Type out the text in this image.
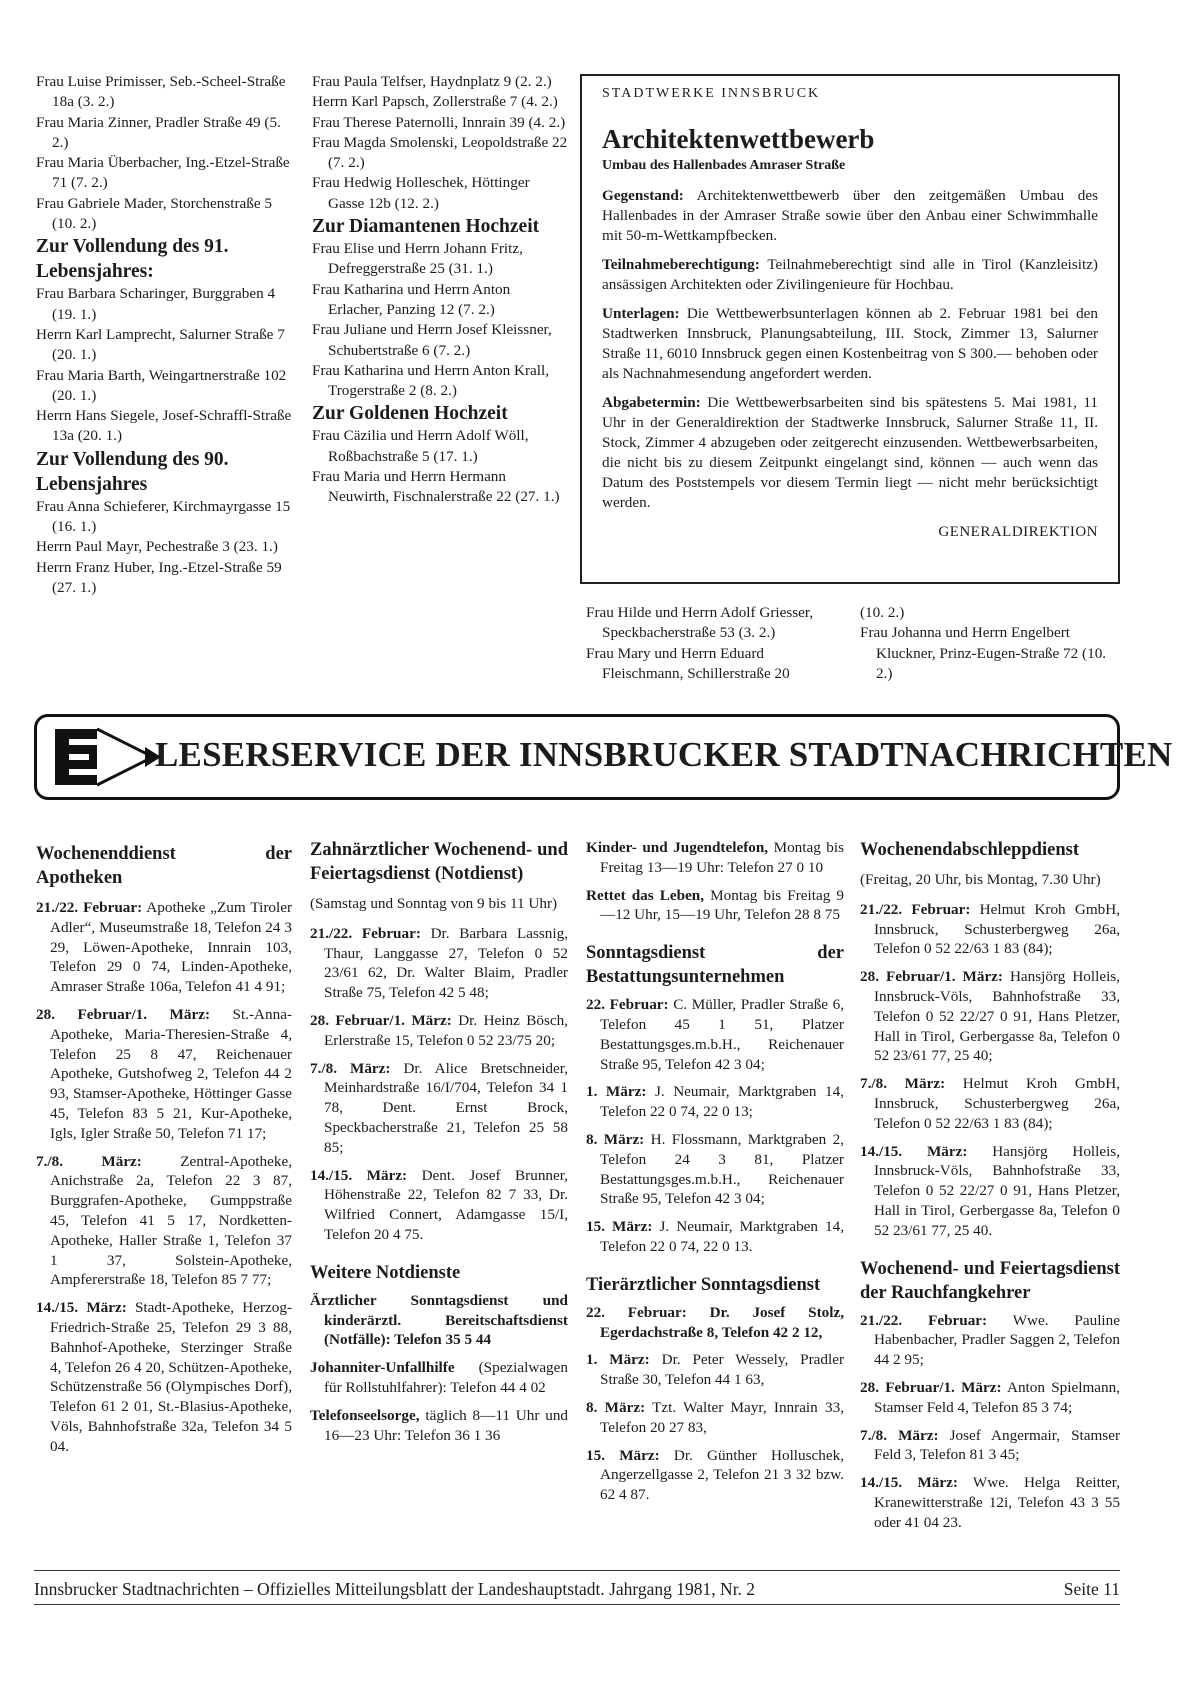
Frau Luise Primisser, Seb.-Scheel-Straße 18a (3. 2.)

Frau Maria Zinner, Pradler Straße 49 (5. 2.)

Frau Maria Überbacher, Ing.-Etzel-Straße 71 (7. 2.)

Frau Gabriele Mader, Storchenstraße 5 (10. 2.)

Zur Vollendung des 91. Lebensjahres:

Frau Barbara Scharinger, Burggraben 4 (19. 1.)

Herrn Karl Lamprecht, Salurner Straße 7 (20. 1.)

Frau Maria Barth, Weingartnerstraße 102 (20. 1.)

Herrn Hans Siegele, Josef-Schraffl-Straße 13a (20. 1.)

Zur Vollendung des 90. Lebensjahres

Frau Anna Schieferer, Kirchmayrgasse 15 (16. 1.)

Herrn Paul Mayr, Pechestraße 3 (23. 1.)

Herrn Franz Huber, Ing.-Etzel-Straße 59 (27. 1.)

Frau Paula Telfser, Haydnplatz 9 (2. 2.)

Herrn Karl Papsch, Zollerstraße 7 (4. 2.)

Frau Therese Paternolli, Innrain 39 (4. 2.)

Frau Magda Smolenski, Leopoldstraße 22 (7. 2.)

Frau Hedwig Holleschek, Höttinger Gasse 12b (12. 2.)

Zur Diamantenen Hochzeit

Frau Elise und Herrn Johann Fritz, Defreggerstraße 25 (31. 1.)

Frau Katharina und Herrn Anton Erlacher, Panzing 12 (7. 2.)

Frau Juliane und Herrn Josef Kleissner, Schubertstraße 6 (7. 2.)

Frau Katharina und Herrn Anton Krall, Trogerstraße 2 (8. 2.)

Zur Goldenen Hochzeit

Frau Cäzilia und Herrn Adolf Wöll, Roßbachstraße 5 (17. 1.)

Frau Maria und Herrn Hermann Neuwirth, Fischnalerstraße 22 (27. 1.)

STADTWERKE INNSBRUCK

Architektenwettbewerb

Umbau des Hallenbades Amraser Straße

Gegenstand: Architektenwettbewerb über den zeitgemäßen Umbau des Hallenbades in der Amraser Straße sowie über den Anbau einer Schwimmhalle mit 50-m-Wettkampfbecken.

Teilnahmeberechtigung: Teilnahmeberechtigt sind alle in Tirol (Kanzleisitz) ansässigen Architekten oder Zivilingenieure für Hochbau.

Unterlagen: Die Wettbewerbsunterlagen können ab 2. Februar 1981 bei den Stadtwerken Innsbruck, Planungsabteilung, III. Stock, Zimmer 13, Salurner Straße 11, 6010 Innsbruck gegen einen Kostenbeitrag von S 300.— behoben oder als Nachnahmesendung angefordert werden.

Abgabetermin: Die Wettbewerbsarbeiten sind bis spätestens 5. Mai 1981, 11 Uhr in der Generaldirektion der Stadtwerke Innsbruck, Salurner Straße 11, II. Stock, Zimmer 4 abzugeben oder zeitgerecht einzusenden. Wettbewerbsarbeiten, die nicht bis zu diesem Zeitpunkt eingelangt sind, können — auch wenn das Datum des Poststempels vor diesem Termin liegt — nicht mehr berücksichtigt werden.

GENERALDIREKTION

Frau Hilde und Herrn Adolf Griesser, Speckbacherstraße 53 (3. 2.)

Frau Mary und Herrn Eduard Fleischmann, Schillerstraße 20

(10. 2.)

Frau Johanna und Herrn Engelbert Kluckner, Prinz-Eugen-Straße 72 (10. 2.)

LESERSERVICE DER INNSBRUCKER STADTNACHRICHTEN
Wochenenddienst der Apotheken

21./22. Februar: Apotheke „Zum Tiroler Adler“, Museumstraße 18, Telefon 24 3 29, Löwen-Apotheke, Innrain 103, Telefon 29 0 74, Linden-Apotheke, Amraser Straße 106a, Telefon 41 4 91;

28. Februar/1. März: St.-Anna-Apotheke, Maria-Theresien-Straße 4, Telefon 25 8 47, Reichenauer Apotheke, Gutshofweg 2, Telefon 44 2 93, Stamser-Apotheke, Höttinger Gasse 45, Telefon 83 5 21, Kur-Apotheke, Igls, Igler Straße 50, Telefon 71 17;

7./8. März:	Zentral-Apotheke, Anichstraße 2a, Telefon 22 3 87, Burggrafen-Apotheke, Gumppstraße 45, Telefon 41 5 17, Nordketten-Apotheke, Haller Straße 1, Telefon 37 1 37, Solstein-Apotheke, Ampfererstraße 18, Telefon 85 7 77;

14./15. März: Stadt-Apotheke, Herzog-Friedrich-Straße 25, Telefon 29 3 88, Bahnhof-Apotheke, Sterzinger Straße 4, Telefon 26 4 20, Schützen-Apotheke, Schützenstraße 56 (Olympisches Dorf), Telefon 61 2 01, St.-Blasius-Apotheke, Völs, Bahnhofstraße 32a, Telefon 34 5 04.

Zahnärztlicher Wochenend- und Feiertagsdienst (Notdienst)

(Samstag und Sonntag von 9 bis 11 Uhr)

21./22. Februar: Dr. Barbara Lassnig, Thaur, Langgasse 27, Telefon 0 52 23/61 62, Dr. Walter Blaim, Pradler Straße 75, Telefon 42 5 48;

28. Februar/1. März: Dr. Heinz Bösch, Erlerstraße 15, Telefon 0 52 23/75 20;

7./8. März: Dr. Alice Bretschneider, Meinhardstraße 16/I/704, Telefon 34 1 78, Dent. Ernst Brock, Speckbacherstraße 21, Telefon 25 58 85;

14./15. März: Dent. Josef Brunner, Höhenstraße 22, Telefon 82 7 33, Dr. Wilfried Connert, Adamgasse 15/I, Telefon 20 4 75.

Weitere Notdienste

Ärztlicher Sonntagsdienst und kinderärztl. Bereitschaftsdienst (Notfälle): Telefon 35 5 44

Johanniter-Unfallhilfe (Spezialwagen für Rollstuhlfahrer): Telefon 44 4 02

Telefonseelsorge, täglich 8—11 Uhr und 16—23 Uhr: Telefon 36 1 36

Kinder- und Jugendtelefon, Montag bis Freitag 13—19 Uhr: Telefon 27 0 10

Rettet das Leben, Montag bis Freitag 9—12 Uhr, 15—19 Uhr, Telefon 28 8 75

Sonntagsdienst der Bestattungsunternehmen

22. Februar: C. Müller, Pradler Straße 6, Telefon 45 1 51, Platzer Bestattungsges.m.b.H., Reichenauer Straße 95, Telefon 42 3 04;

1. März: J. Neumair, Marktgraben 14, Telefon 22 0 74, 22 0 13;

8. März: H. Flossmann, Marktgraben 2, Telefon 24 3 81, Platzer Bestattungsges.m.b.H., Reichenauer Straße 95, Telefon 42 3 04;

15. März: J. Neumair, Marktgraben 14, Telefon 22 0 74, 22 0 13.

Tierärztlicher Sonntagsdienst

22. Februar: Dr. Josef Stolz, Egerdachstraße 8, Telefon 42 2 12,

1. März: Dr. Peter Wessely, Pradler Straße 30, Telefon 44 1 63,

8. März: Tzt. Walter Mayr, Innrain 33, Telefon 20 27 83,

15. März: Dr. Günther Holluschek, Angerzellgasse 2, Telefon 21 3 32 bzw. 62 4 87.

Wochenendabschleppdienst

(Freitag, 20 Uhr, bis Montag, 7.30 Uhr)

21./22. Februar: Helmut Kroh GmbH, Innsbruck, Schusterbergweg 26a, Telefon 0 52 22/63 1 83 (84);

28. Februar/1. März: Hansjörg Holleis, Innsbruck-Völs, Bahnhofstraße 33, Telefon 0 52 22/27 0 91, Hans Pletzer, Hall in Tirol, Gerbergasse 8a, Telefon 0 52 23/61 77, 25 40;

7./8. März: Helmut Kroh GmbH, Innsbruck, Schusterbergweg 26a, Telefon 0 52 22/63 1 83 (84);

14./15. März: Hansjörg Holleis, Innsbruck-Völs, Bahnhofstraße 33, Telefon 0 52 22/27 0 91, Hans Pletzer, Hall in Tirol, Gerbergasse 8a, Telefon 0 52 23/61 77, 25 40.

Wochenend- und Feiertagsdienst der Rauchfangkehrer

21./22. Februar: Wwe. Pauline Habenbacher, Pradler Saggen 2, Telefon 44 2 95;

28. Februar/1. März: Anton Spielmann, Stamser Feld 4, Telefon 85 3 74;

7./8. März: Josef Angermair, Stamser Feld 3, Telefon 81 3 45;

14./15. März: Wwe. Helga Reitter, Kranewitterstraße 12i, Telefon 43 3 55 oder 41 04 23.

Innsbrucker Stadtnachrichten – Offizielles Mitteilungsblatt der Landeshauptstadt. Jahrgang 1981, Nr. 2	Seite 11
